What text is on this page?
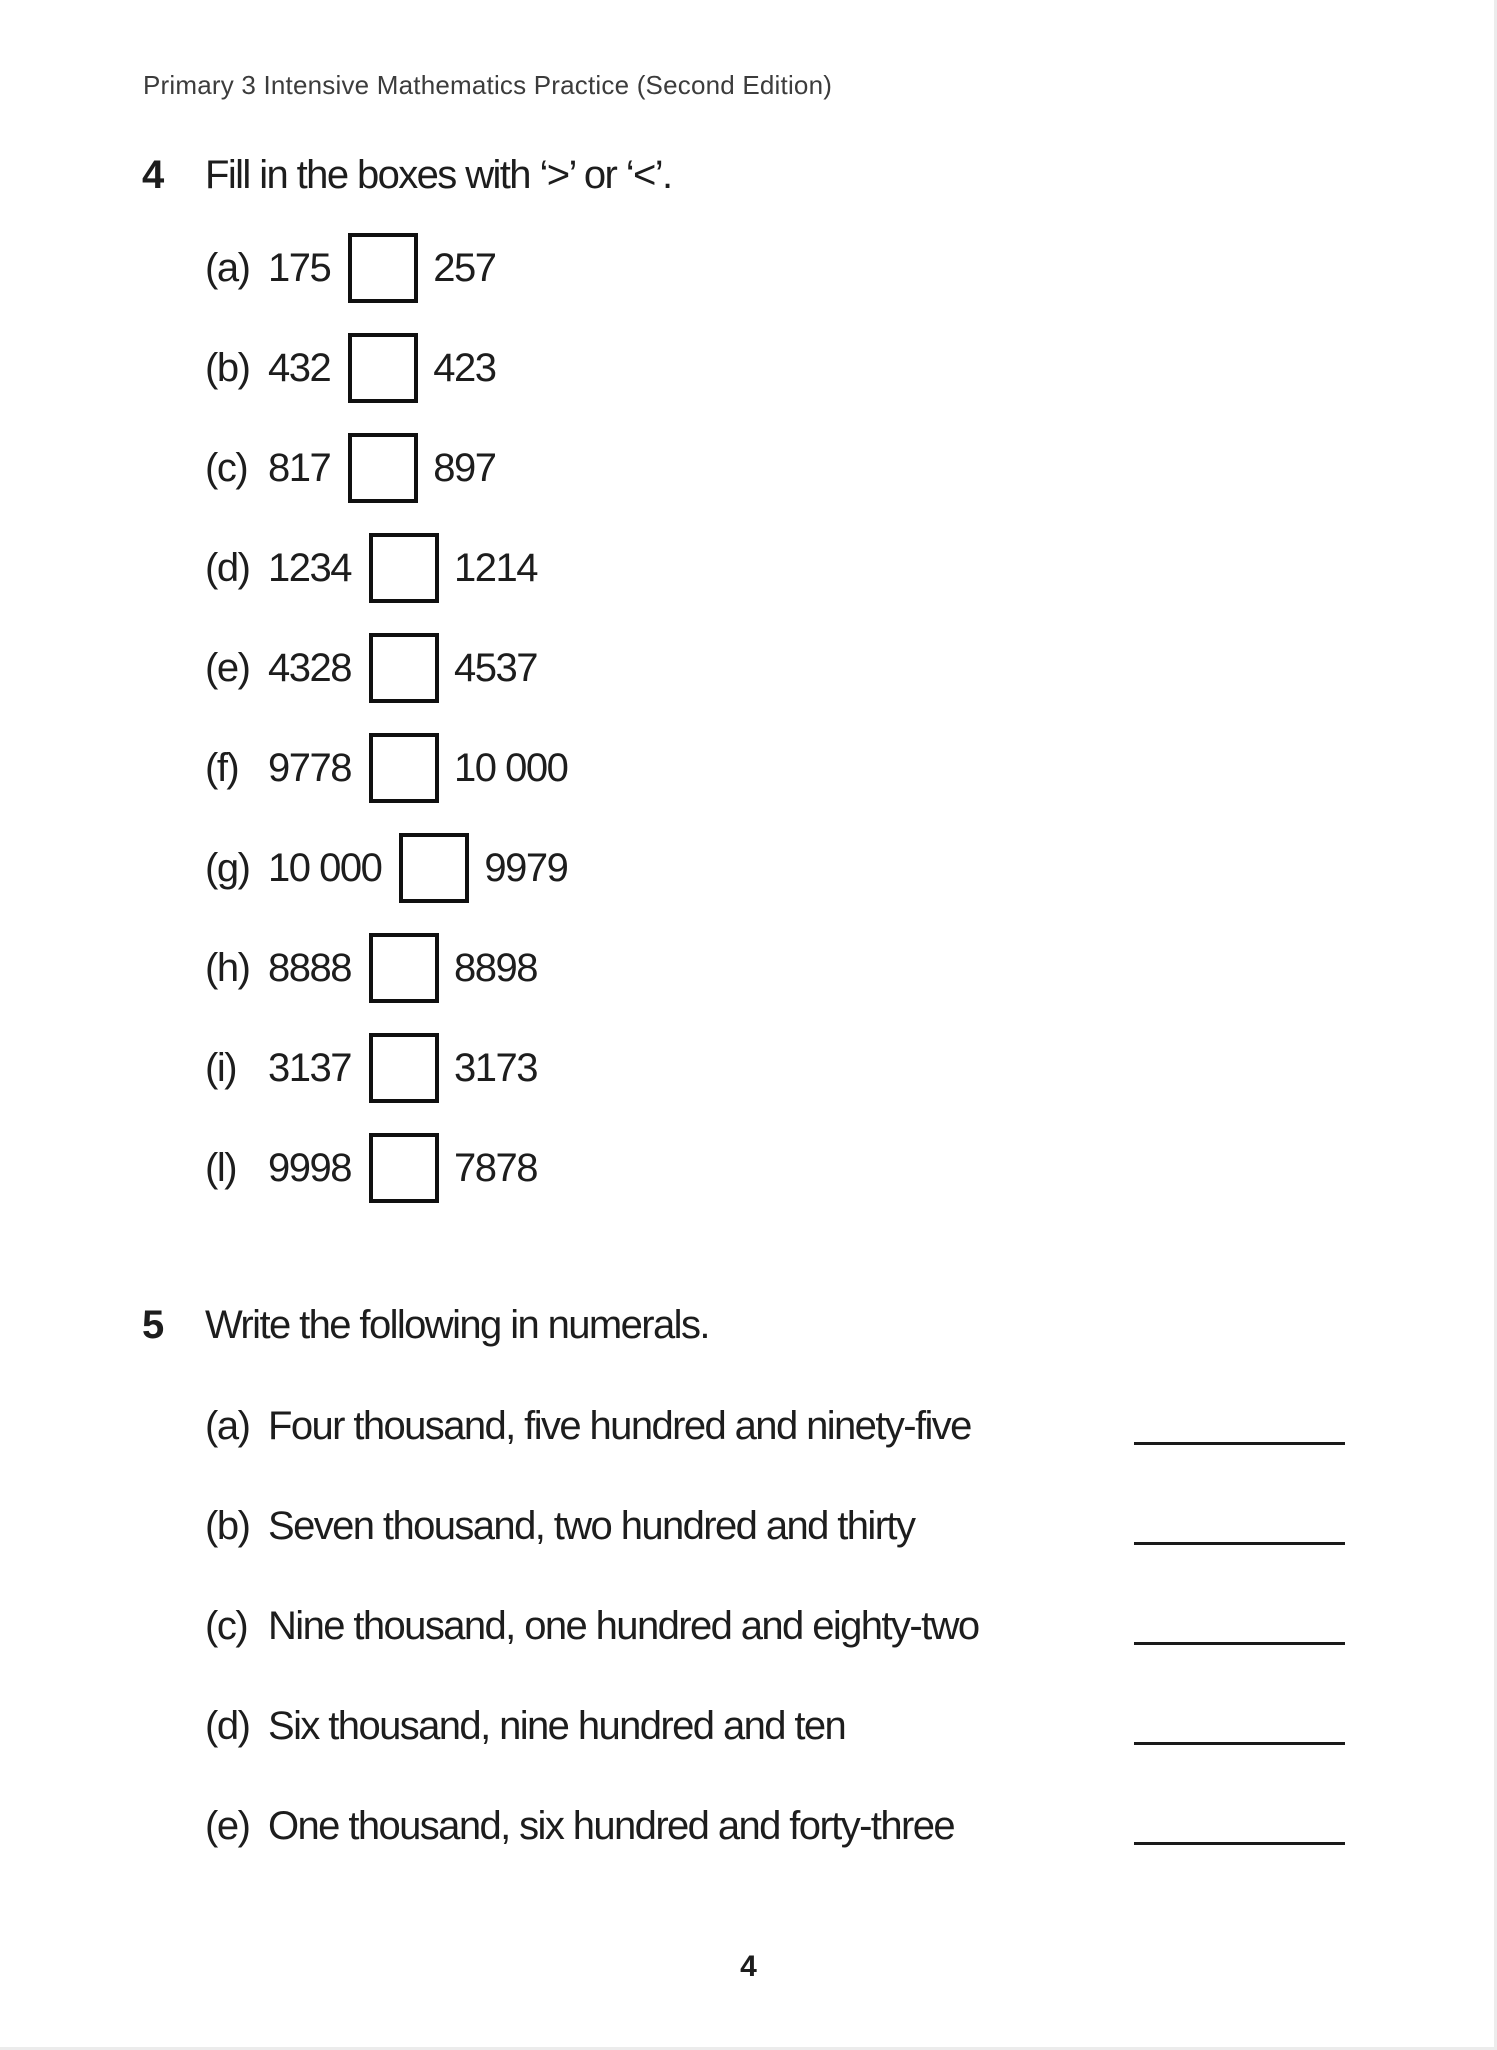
Primary 3 Intensive Mathematics Practice (Second Edition)
4	Fill in the boxes with ‘>’ or ‘<’.
(a) 175	257
(b) 432	423
(c) 817	897
(d) 1234	1214
(e) 4328	4537
(f) 9778	10 000
(g) 10 000	9979
(h) 8888	8898
(i) 3137	3173
(l) 9998	7878
5	Write the following in numerals.
(a) Four thousand, five hundred and ninety-five
(b) Seven thousand, two hundred and thirty
(c) Nine thousand, one hundred and eighty-two
(d) Six thousand, nine hundred and ten
(e) One thousand, six hundred and forty-three
4
